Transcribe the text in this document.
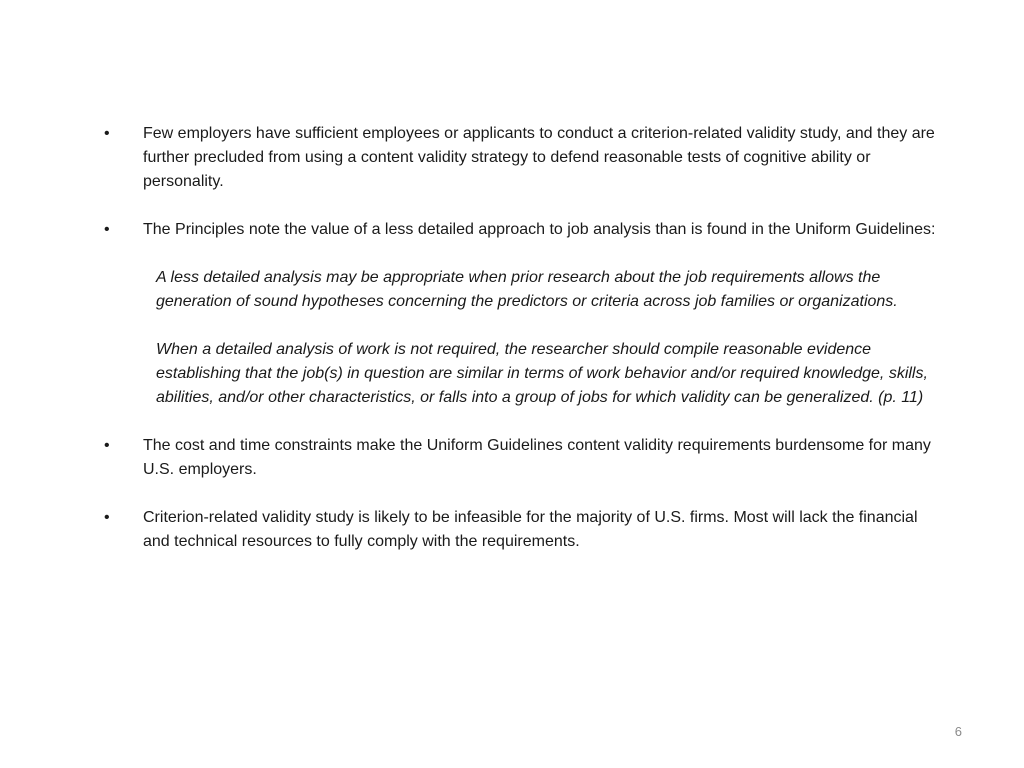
•	Few employers have sufficient employees or applicants to conduct a criterion-related validity study, and they are further precluded from using a content validity strategy to defend reasonable tests of cognitive ability or personality.
•	The Principles note the value of a less detailed approach to job analysis than is found in the Uniform Guidelines:

A less detailed analysis may be appropriate when prior research about the job requirements allows the generation of sound hypotheses concerning the predictors or criteria across job families or organizations.

When a detailed analysis of work is not required, the researcher should compile reasonable evidence establishing that the job(s) in question are similar in terms of work behavior and/or required knowledge, skills, abilities, and/or other characteristics, or falls into a group of jobs for which validity can be generalized. (p. 11)

•	The cost and time constraints make the Uniform Guidelines content validity requirements burdensome for many U.S. employers.
•	Criterion-related validity study is likely to be infeasible for the majority of U.S. firms. Most will lack the financial and technical resources to fully comply with the requirements.
6
